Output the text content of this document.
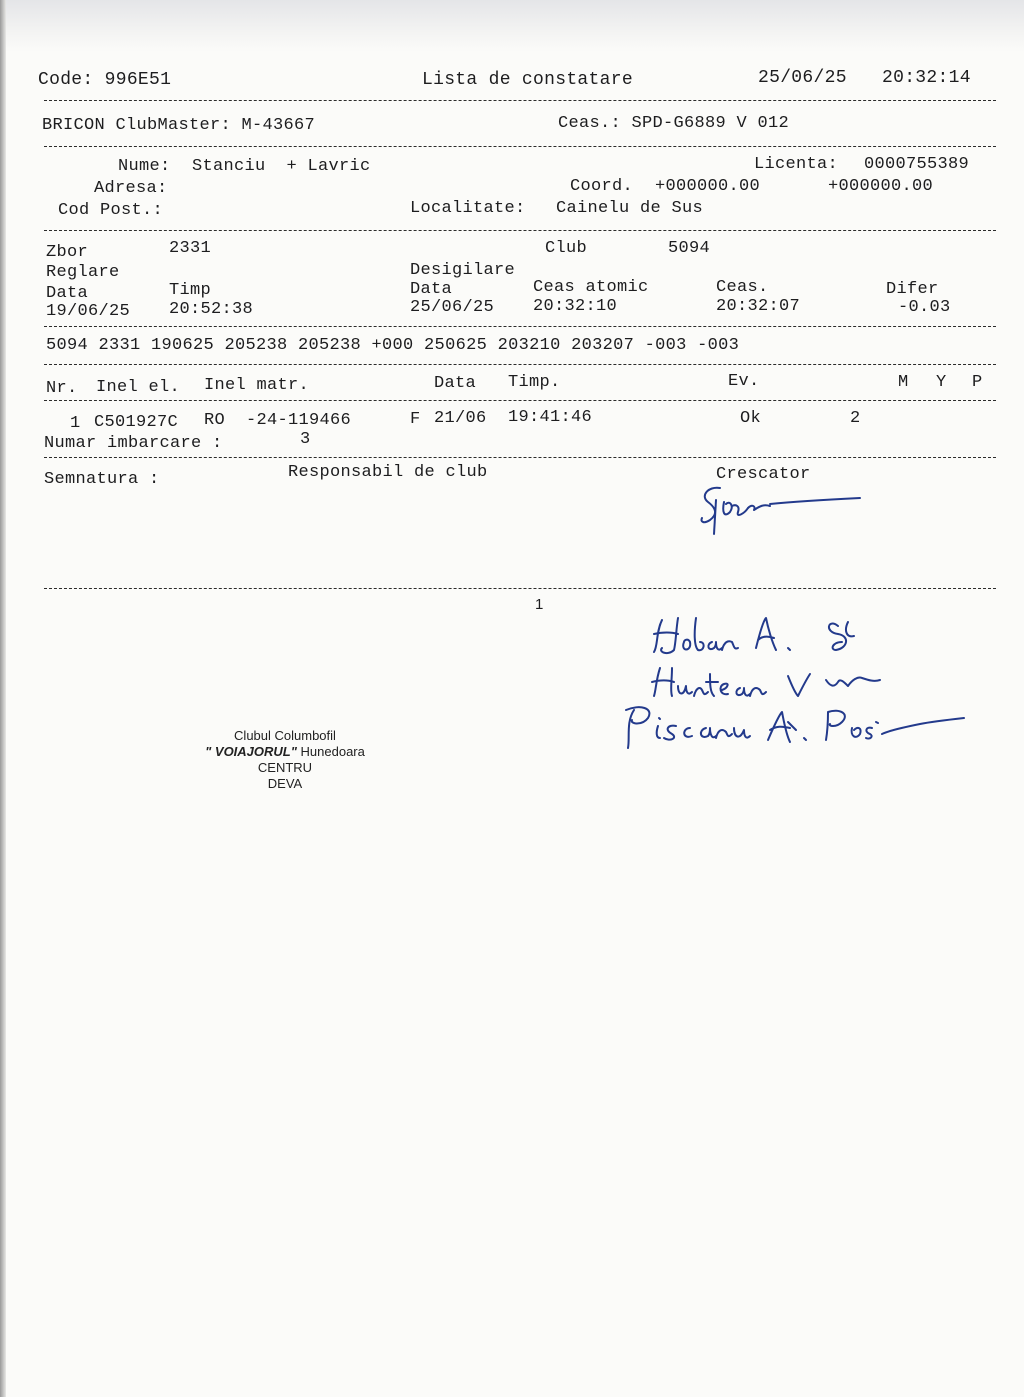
Code: 996E51	Lista de constatare	25/06/25 20:32:14
BRICON ClubMaster: M-43667	Ceas.: SPD-G6889 V 012
Nume: Stanciu  + Lavric	Licenta: 0000755389
Adresa:	Coord. +000000.00	+000000.00
Cod Post.:	Localitate: Cainelu de Sus
Zbor	2331	Club	5094
Reglare	Desigilare
Data	Timp	Data	Ceas atomic	Ceas.	Difer
19/06/25 20:52:38	25/06/25 20:32:10	20:32:07	-0.03
5094 2331 190625 205238 205238 +000 250625 203210 203207 -003 -003
Nr. Inel el. Inel matr.	Data Timp.	Ev.	M Y P
1 C501927C RO  -24-119466	F 21/06 19:41:46	Ok	2
Numar imbarcare :	3
Semnatura :	Responsabil de club	Crescator
1
Clubul Columbofil
" VOIAJORUL" Hunedoara
CENTRU
DEVA
